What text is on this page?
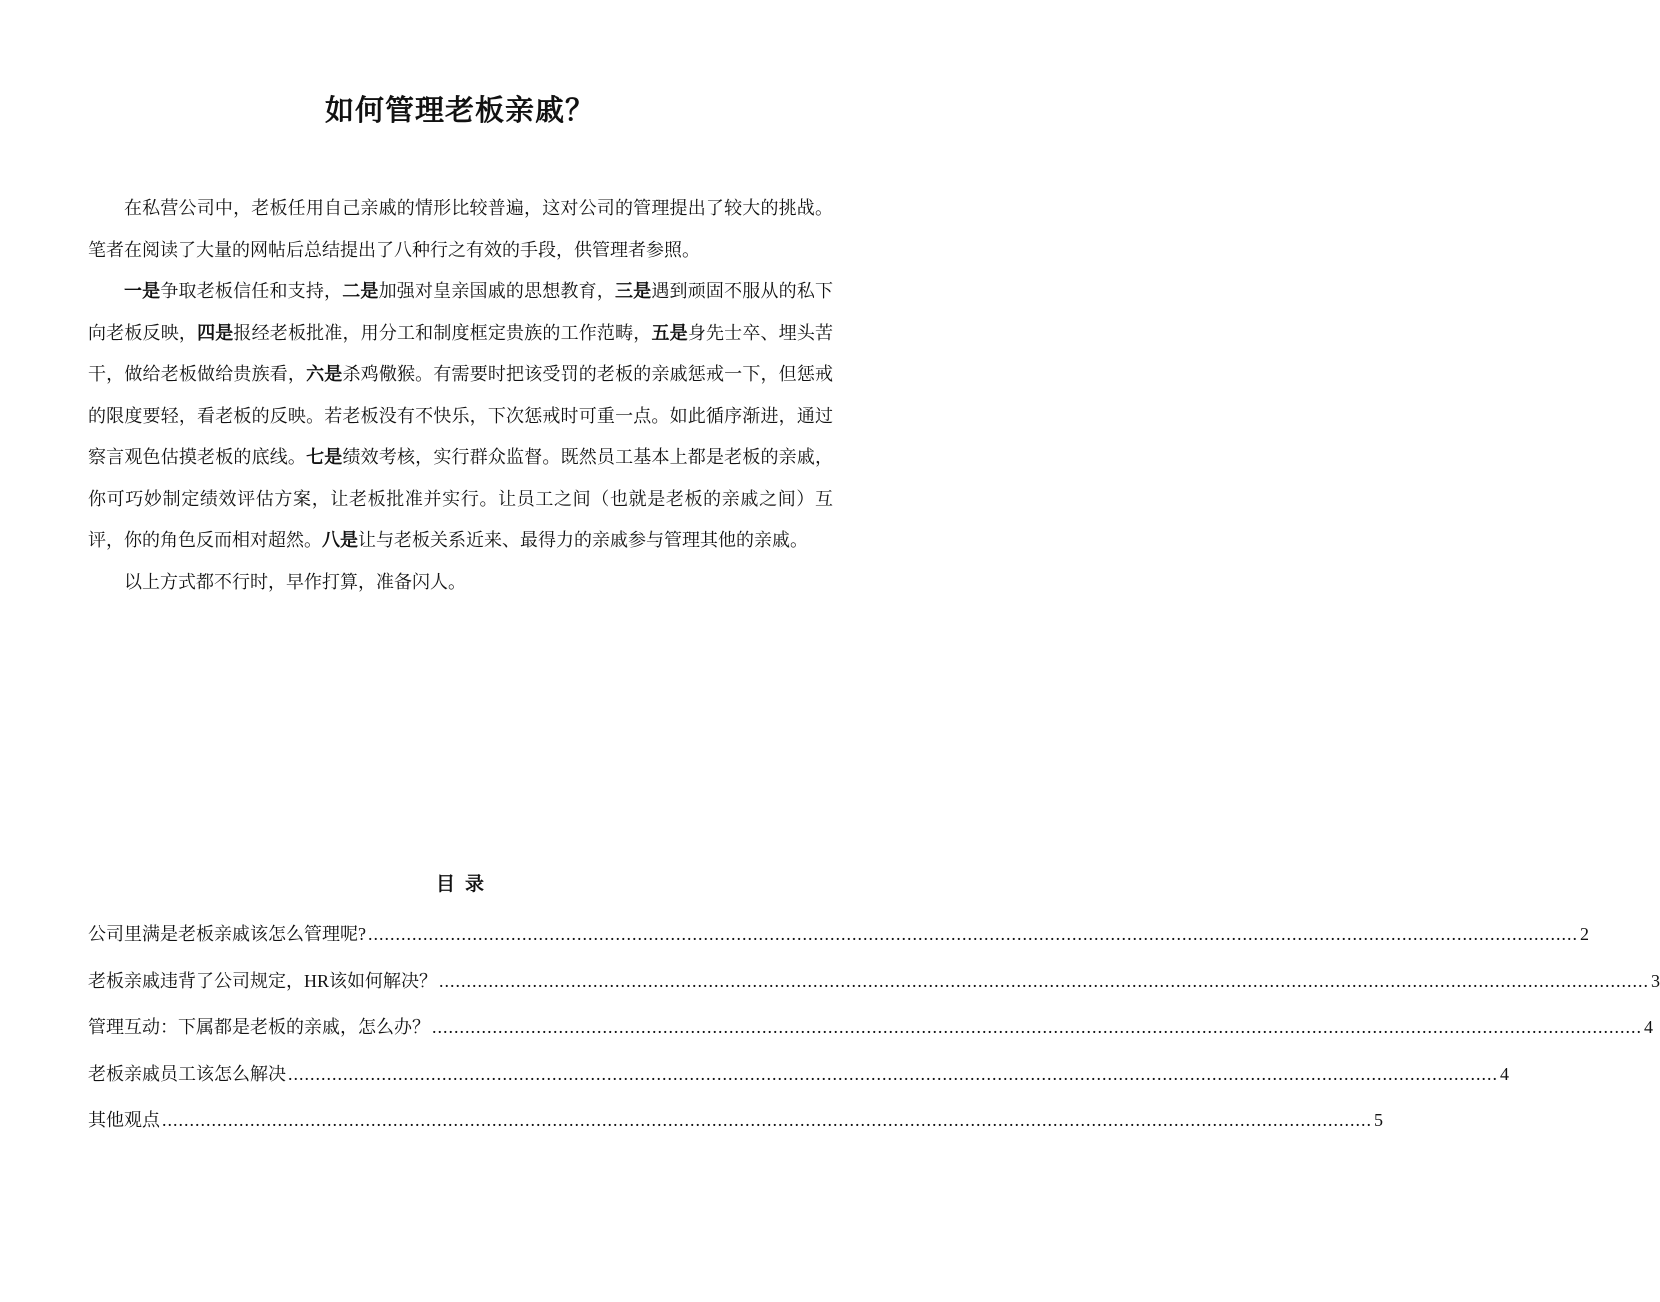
如何管理老板亲戚？

在私营公司中，老板任用自己亲戚的情形比较普遍，这对公司的管理提出了较大的挑战。笔者在阅读了大量的网帖后总结提出了八种行之有效的手段，供管理者参照。

一是争取老板信任和支持，二是加强对皇亲国戚的思想教育，三是遇到顽固不服从的私下向老板反映，四是报经老板批准，用分工和制度框定贵族的工作范畴，五是身先士卒、埋头苦干，做给老板做给贵族看，六是杀鸡儆猴。有需要时把该受罚的老板的亲戚惩戒一下，但惩戒的限度要轻，看老板的反映。若老板没有不快乐，下次惩戒时可重一点。如此循序渐进，通过察言观色估摸老板的底线。七是绩效考核，实行群众监督。既然员工基本上都是老板的亲戚，你可巧妙制定绩效评估方案，让老板批准并实行。让员工之间（也就是老板的亲戚之间）互评，你的角色反而相对超然。八是让与老板关系近来、最得力的亲戚参与管理其他的亲戚。

以上方式都不行时，早作打算，准备闪人。

目录
公司里满是老板亲戚该怎么管理呢? ............................................................................................................................................................................................................................ 2
老板亲戚违背了公司规定，HR该如何解决？ ............................................................................................................................................................................................................................ 3
管理互动：下属都是老板的亲戚，怎么办？ ............................................................................................................................................................................................................................ 4
老板亲戚员工该怎么解决 ............................................................................................................................................................................................................................ 4
其他观点 ............................................................................................................................................................................................................................ 5
